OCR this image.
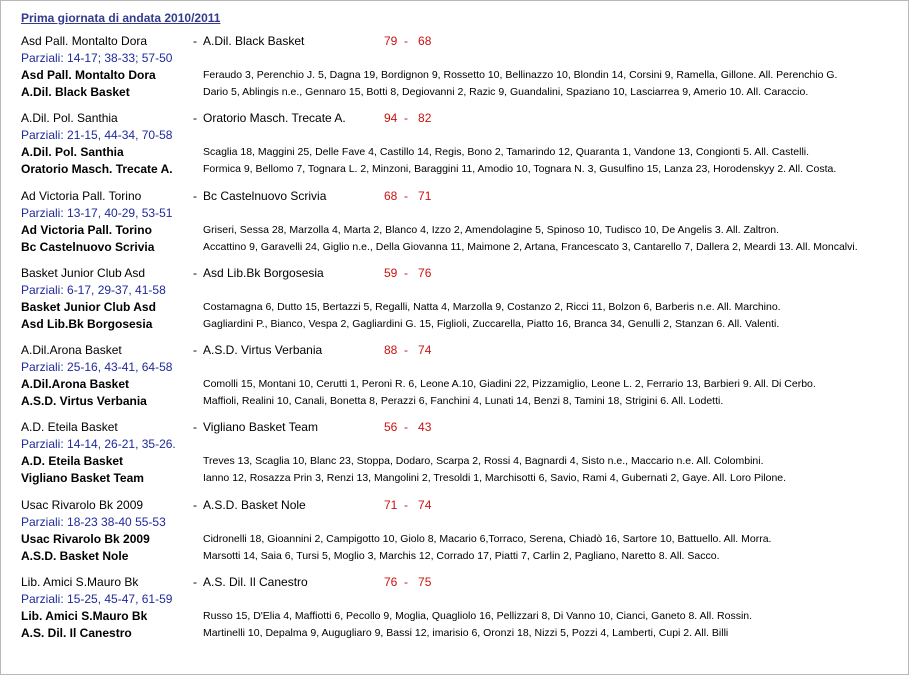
Prima giornata di andata 2010/2011
Asd Pall. Montalto Dora	- A.Dil. Black Basket	79  -   68
Parziali: 14-17; 38-33; 57-50
Asd Pall. Montalto Dora	Feraudo 3, Perenchio J. 5, Dagna 19, Bordignon 9, Rossetto 10, Bellinazzo 10, Blondin 14, Corsini 9, Ramella, Gillone. All. Perenchio G.
A.Dil. Black Basket	Dario 5, Ablingis n.e., Gennaro 15, Botti 8, Degiovanni 2, Razic 9, Guandalini, Spaziano 10, Lasciarrea 9, Amerio 10. All. Caraccio.
A.Dil. Pol. Santhia	- Oratorio Masch. Trecate A.	94  -   82
Parziali: 21-15, 44-34, 70-58
A.Dil. Pol. Santhia	Scaglia 18, Maggini 25, Delle Fave 4, Castillo 14, Regis, Bono 2, Tamarindo 12, Quaranta 1, Vandone 13, Congionti 5. All. Castelli.
Oratorio Masch. Trecate A.	Formica 9, Bellomo 7, Tognara L. 2, Minzoni, Baraggini 11, Amodio 10, Tognara N. 3, Gusulfino 15, Lanza 23, Horodenskyy 2. All. Costa.
Ad Victoria Pall. Torino	- Bc Castelnuovo Scrivia	68  -   71
Parziali: 13-17, 40-29, 53-51
Ad Victoria Pall. Torino	Griseri, Sessa 28, Marzolla 4, Marta 2, Blanco 4, Izzo 2, Amendolagine 5, Spinoso 10, Tudisco 10, De Angelis 3. All. Zaltron.
Bc Castelnuovo Scrivia	Accattino 9, Garavelli 24, Giglio n.e., Della Giovanna 11, Maimone 2, Artana, Francescato 3, Cantarello 7, Dallera 2, Meardi 13. All. Moncalvi.
Basket Junior Club Asd	- Asd Lib.Bk Borgosesia	59  -   76
Parziali: 6-17, 29-37, 41-58
Basket Junior Club Asd	Costamagna 6, Dutto 15, Bertazzi 5, Regalli, Natta 4, Marzolla 9, Costanzo 2, Ricci 11, Bolzon 6, Barberis n.e. All. Marchino.
Asd Lib.Bk Borgosesia	Gagliardini P., Bianco, Vespa 2, Gagliardini G. 15, Figlioli, Zuccarella, Piatto 16, Branca 34, Genulli 2, Stanzan 6. All. Valenti.
A.Dil.Arona Basket	- A.S.D. Virtus Verbania	88  -   74
Parziali: 25-16, 43-41, 64-58
A.Dil.Arona Basket	Comolli 15, Montani 10, Cerutti 1, Peroni R. 6, Leone A.10, Giadini 22, Pizzamiglio, Leone L. 2, Ferrario 13, Barbieri 9. All. Di Cerbo.
A.S.D. Virtus Verbania	Maffioli, Realini 10, Canali, Bonetta 8, Perazzi 6, Fanchini 4, Lunati 14, Benzi 8, Tamini 18, Strigini 6. All. Lodetti.
A.D. Eteila Basket	- Vigliano Basket Team	56  -   43
Parziali: 14-14, 26-21, 35-26.
A.D. Eteila Basket	Treves 13, Scaglia 10, Blanc 23, Stoppa, Dodaro, Scarpa 2, Rossi 4, Bagnardi 4, Sisto n.e., Maccario n.e. All. Colombini.
Vigliano Basket Team	Ianno 12, Rosazza Prin 3, Renzi 13, Mangolini 2, Tresoldi 1, Marchisotti 6, Savio, Rami 4, Gubernati 2, Gaye. All. Loro Pilone.
Usac Rivarolo Bk 2009	- A.S.D. Basket Nole	71  -   74
Parziali: 18-23 38-40 55-53
Usac Rivarolo Bk 2009	Cidronelli 18, Gioannini 2, Campigotto 10, Giolo 8, Macario 6,Torraco, Serena, Chiadò 16, Sartore 10, Battuello. All. Morra.
A.S.D. Basket Nole	Marsotti 14, Saia 6, Tursi 5, Moglio 3, Marchis 12, Corrado 17, Piatti 7, Carlin 2, Pagliano, Naretto 8. All. Sacco.
Lib. Amici S.Mauro Bk	- A.S. Dil. Il Canestro	76  -   75
Parziali: 15-25, 45-47, 61-59
Lib. Amici S.Mauro Bk	Russo 15, D'Elia 4, Maffiotti 6, Pecollo 9, Moglia, Quagliolo 16, Pellizzari 8, Di Vanno 10, Cianci, Ganeto 8. All. Rossin.
A.S. Dil. Il Canestro	Martinelli 10, Depalma 9, Augugliaro 9, Bassi 12, imarisio 6, Oronzi 18, Nizzi 5, Pozzi 4, Lamberti, Cupi 2. All. Billi
